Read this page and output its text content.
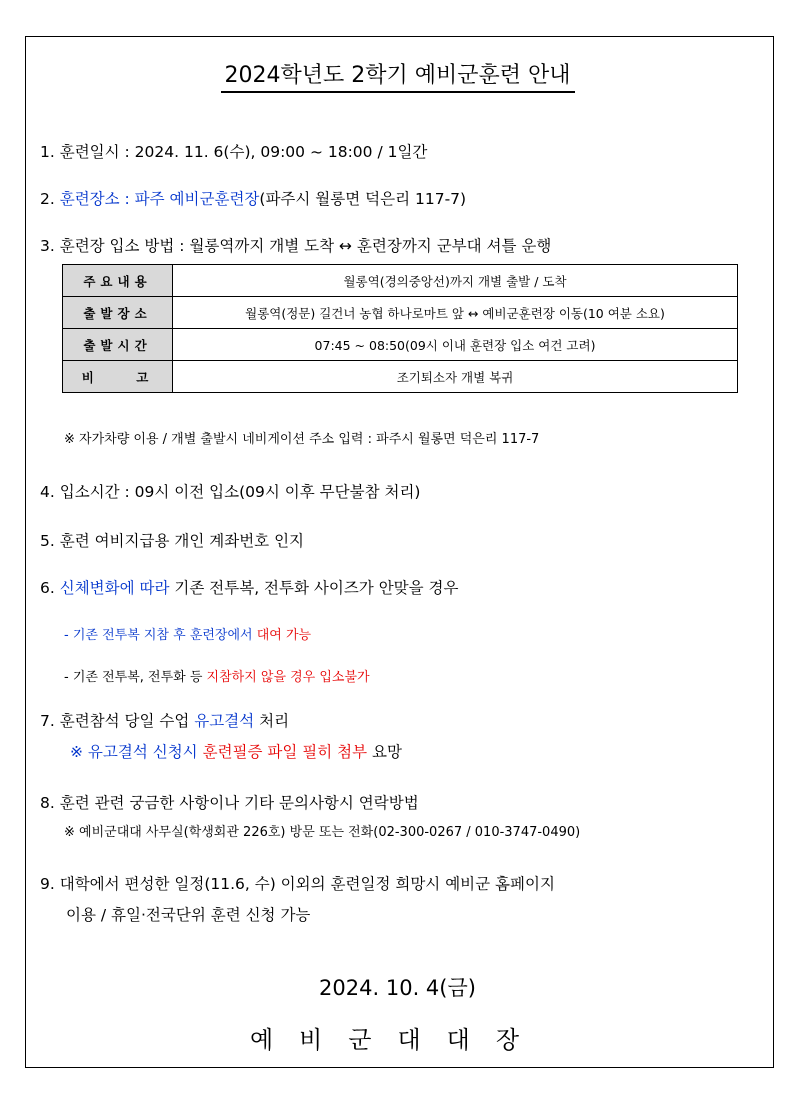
2024학년도 2학기 예비군훈련 안내
1. 훈련일시 : 2024. 11. 6(수), 09:00 ~ 18:00 / 1일간
2. 훈련장소 : 파주 예비군훈련장(파주시 월롱면 덕은리 117-7)
3. 훈련장 입소 방법 : 월롱역까지 개별 도착 ↔ 훈련장까지 군부대 셔틀 운행
주요내용	월롱역(경의중앙선)까지 개별 출발 / 도착
출발장소	월롱역(정문) 길건너 농협 하나로마트 앞 ↔ 예비군훈련장 이동(10 여분 소요)
출발시간	07:45 ~ 08:50(09시 이내 훈련장 입소 여건 고려)
비    고	조기퇴소자 개별 복귀
※ 자가차량 이용 / 개별 출발시 네비게이션 주소 입력 : 파주시 월롱면 덕은리 117-7
4. 입소시간 : 09시 이전 입소(09시 이후 무단불참 처리)
5. 훈련 여비지급용 개인 계좌번호 인지
6. 신체변화에 따라 기존 전투복, 전투화 사이즈가 안맞을 경우
- 기존 전투복 지참 후 훈련장에서 대여 가능
- 기존 전투복, 전투화 등 지참하지 않을 경우 입소불가
7. 훈련참석 당일 수업 유고결석 처리
※ 유고결석 신청시 훈련필증 파일 필히 첨부 요망
8. 훈련 관련 궁금한 사항이나 기타 문의사항시 연락방법
※ 예비군대대 사무실(학생회관 226호) 방문 또는 전화(02-300-0267 / 010-3747-0490)
9. 대학에서 편성한 일정(11.6, 수) 이외의 훈련일정 희망시 예비군 홈페이지
이용 / 휴일·전국단위 훈련 신청 가능
2024. 10. 4(금)
예비군대대장
